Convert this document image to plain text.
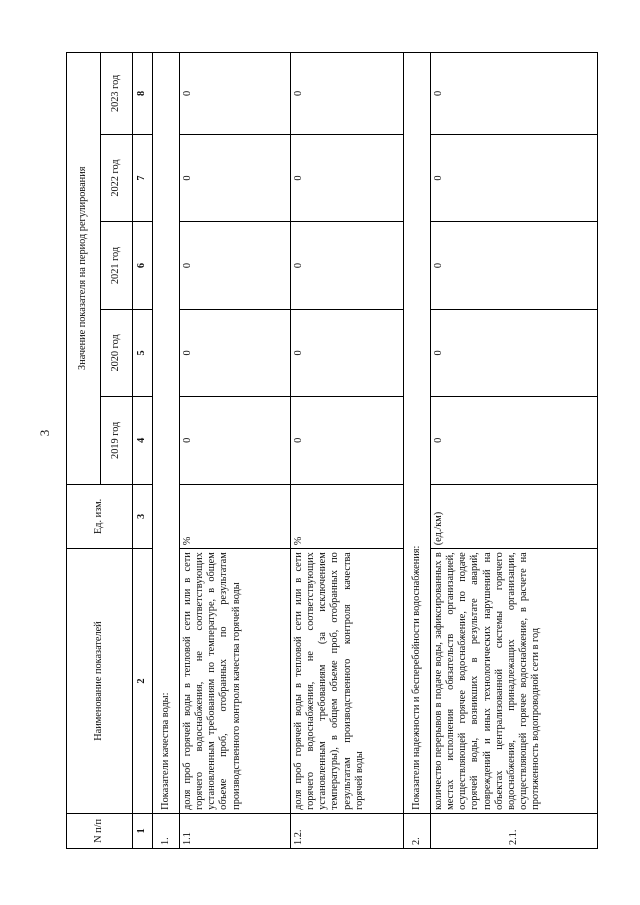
3
N п/п	Наименование показателей	Ед. изм.	Значение показателя на период регулирования				
			2019 год	2020 год	2021 год	2022 год	2023 год
1	2	3	4	5	6	7	8
1.	Показатели качества воды:						
1.1	доля проб горячей воды в тепловой сети или в сети горячего водоснабжения, не соответствующих установленным требованиям по температуре, в общем объеме проб, отобранных по результатам производственного контроля качества горячей воды	%	0	0	0	0	0
1.2.	доля проб горячей воды в тепловой сети или в сети горячего водоснабжения, не соответствующих установленным требованиям (за исключением температуры), в общем объеме проб, отобранных по результатам производственного контроля качества горячей воды	%	0	0	0	0	0
2.	Показатели надежности и бесперебойности водоснабжения:						
2.1.	количество перерывов в подаче воды, зафиксированных в местах исполнения обязательств организацией, осуществляющей горячее водоснабжение, по подаче горячей воды, возникших в результате аварий, повреждений и иных технологических нарушений на объектах централизованной системы горячего водоснабжения, принадлежащих организации, осуществляющей горячее водоснабжение, в расчете на протяженность водопроводной сети в год	(ед./км)	0	0	0	0	0
